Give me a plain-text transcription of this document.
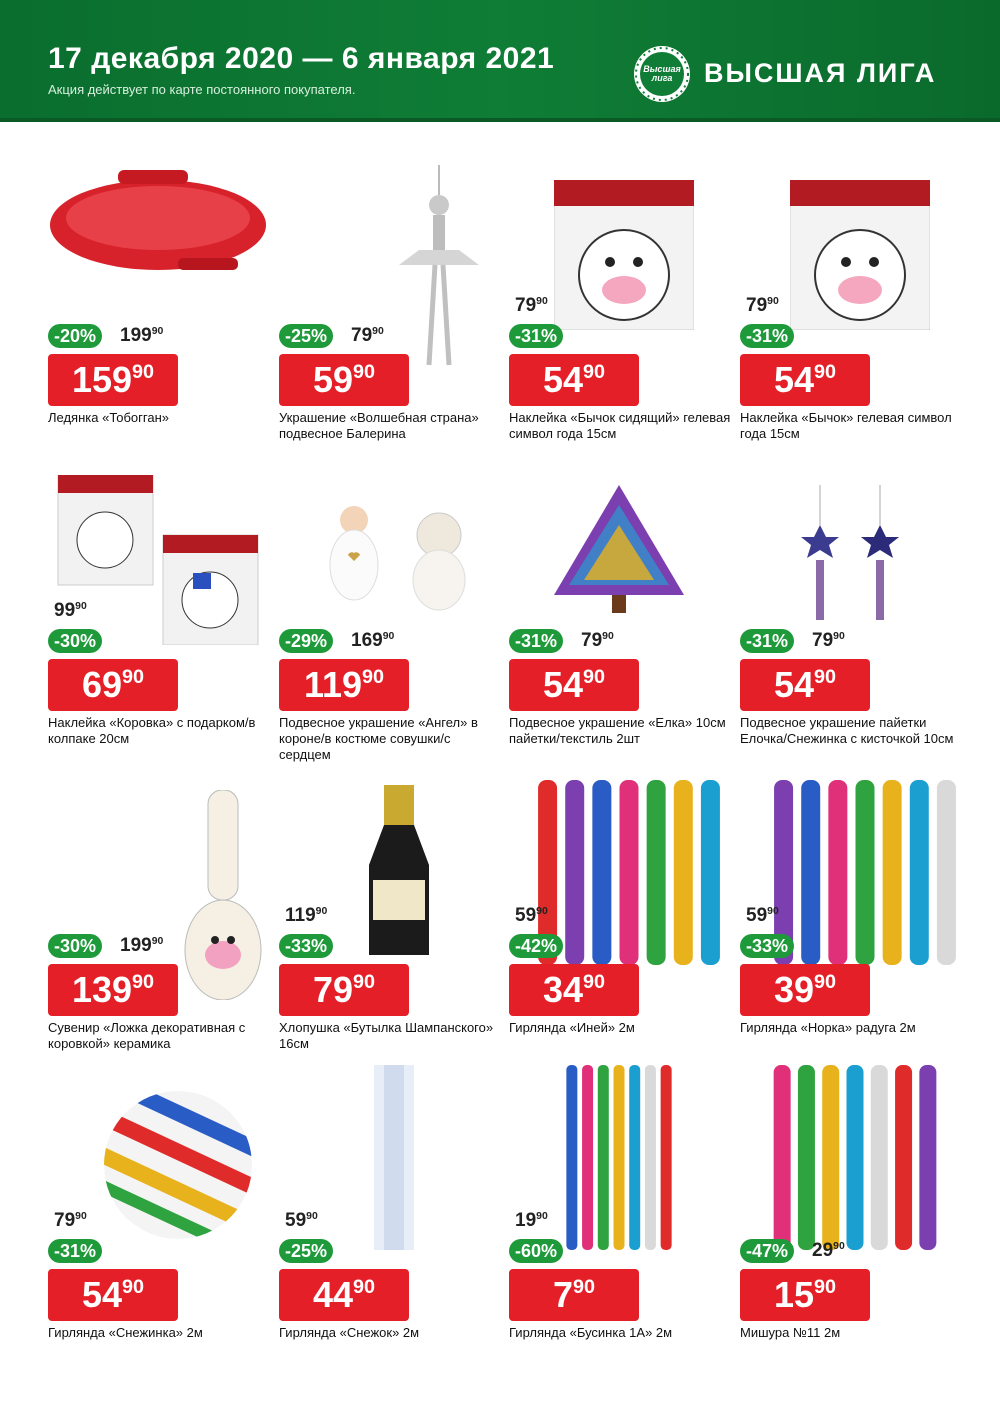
17 декабря 2020 — 6 января 2021
Акция действует по карте постоянного покупателя.
Высшая лига	ВЫСШАЯ ЛИГА
-20%	$199^{90}$
$159^{90}$
Ледянка «Тобогган»
-25%	$79^{90}$
$59^{90}$
Украшение «Волшебная страна» подвесное Балерина
-31%
$79^{90}$
$54^{90}$
Наклейка «Бычок сидящий» гелевая символ года 15см
-31%
$79^{90}$
$54^{90}$
Наклейка «Бычок» гелевая символ года 15см
-30%
$99^{90}$
$69^{90}$
Наклейка «Коровка» с подарком/в колпаке 20см
-29%	$169^{90}$
$119^{90}$
Подвесное украшение «Ангел» в короне/в костюме совушки/с сердцем
-31%	$79^{90}$
$54^{90}$
Подвесное украшение «Елка» 10см пайетки/текстиль 2шт
-31%	$79^{90}$
$54^{90}$
Подвесное украшение пайетки Елочка/Снежинка с кисточкой 10см
-30%	$199^{90}$
$139^{90}$
Сувенир «Ложка декоративная с коровкой» керамика
-33%
$119^{90}$
$79^{90}$
Хлопушка «Бутылка Шампанского» 16см
-42%
$59^{90}$
$34^{90}$
Гирлянда «Иней» 2м
-33%
$59^{90}$
$39^{90}$
Гирлянда «Норка» радуга 2м
-31%
$79^{90}$
$54^{90}$
Гирлянда «Снежинка» 2м
-25%
$59^{90}$
$44^{90}$
Гирлянда «Снежок» 2м
-60%
$19^{90}$
$7^{90}$
Гирлянда «Бусинка 1А» 2м
-47%	$29^{90}$
$15^{90}$
Мишура №11 2м
